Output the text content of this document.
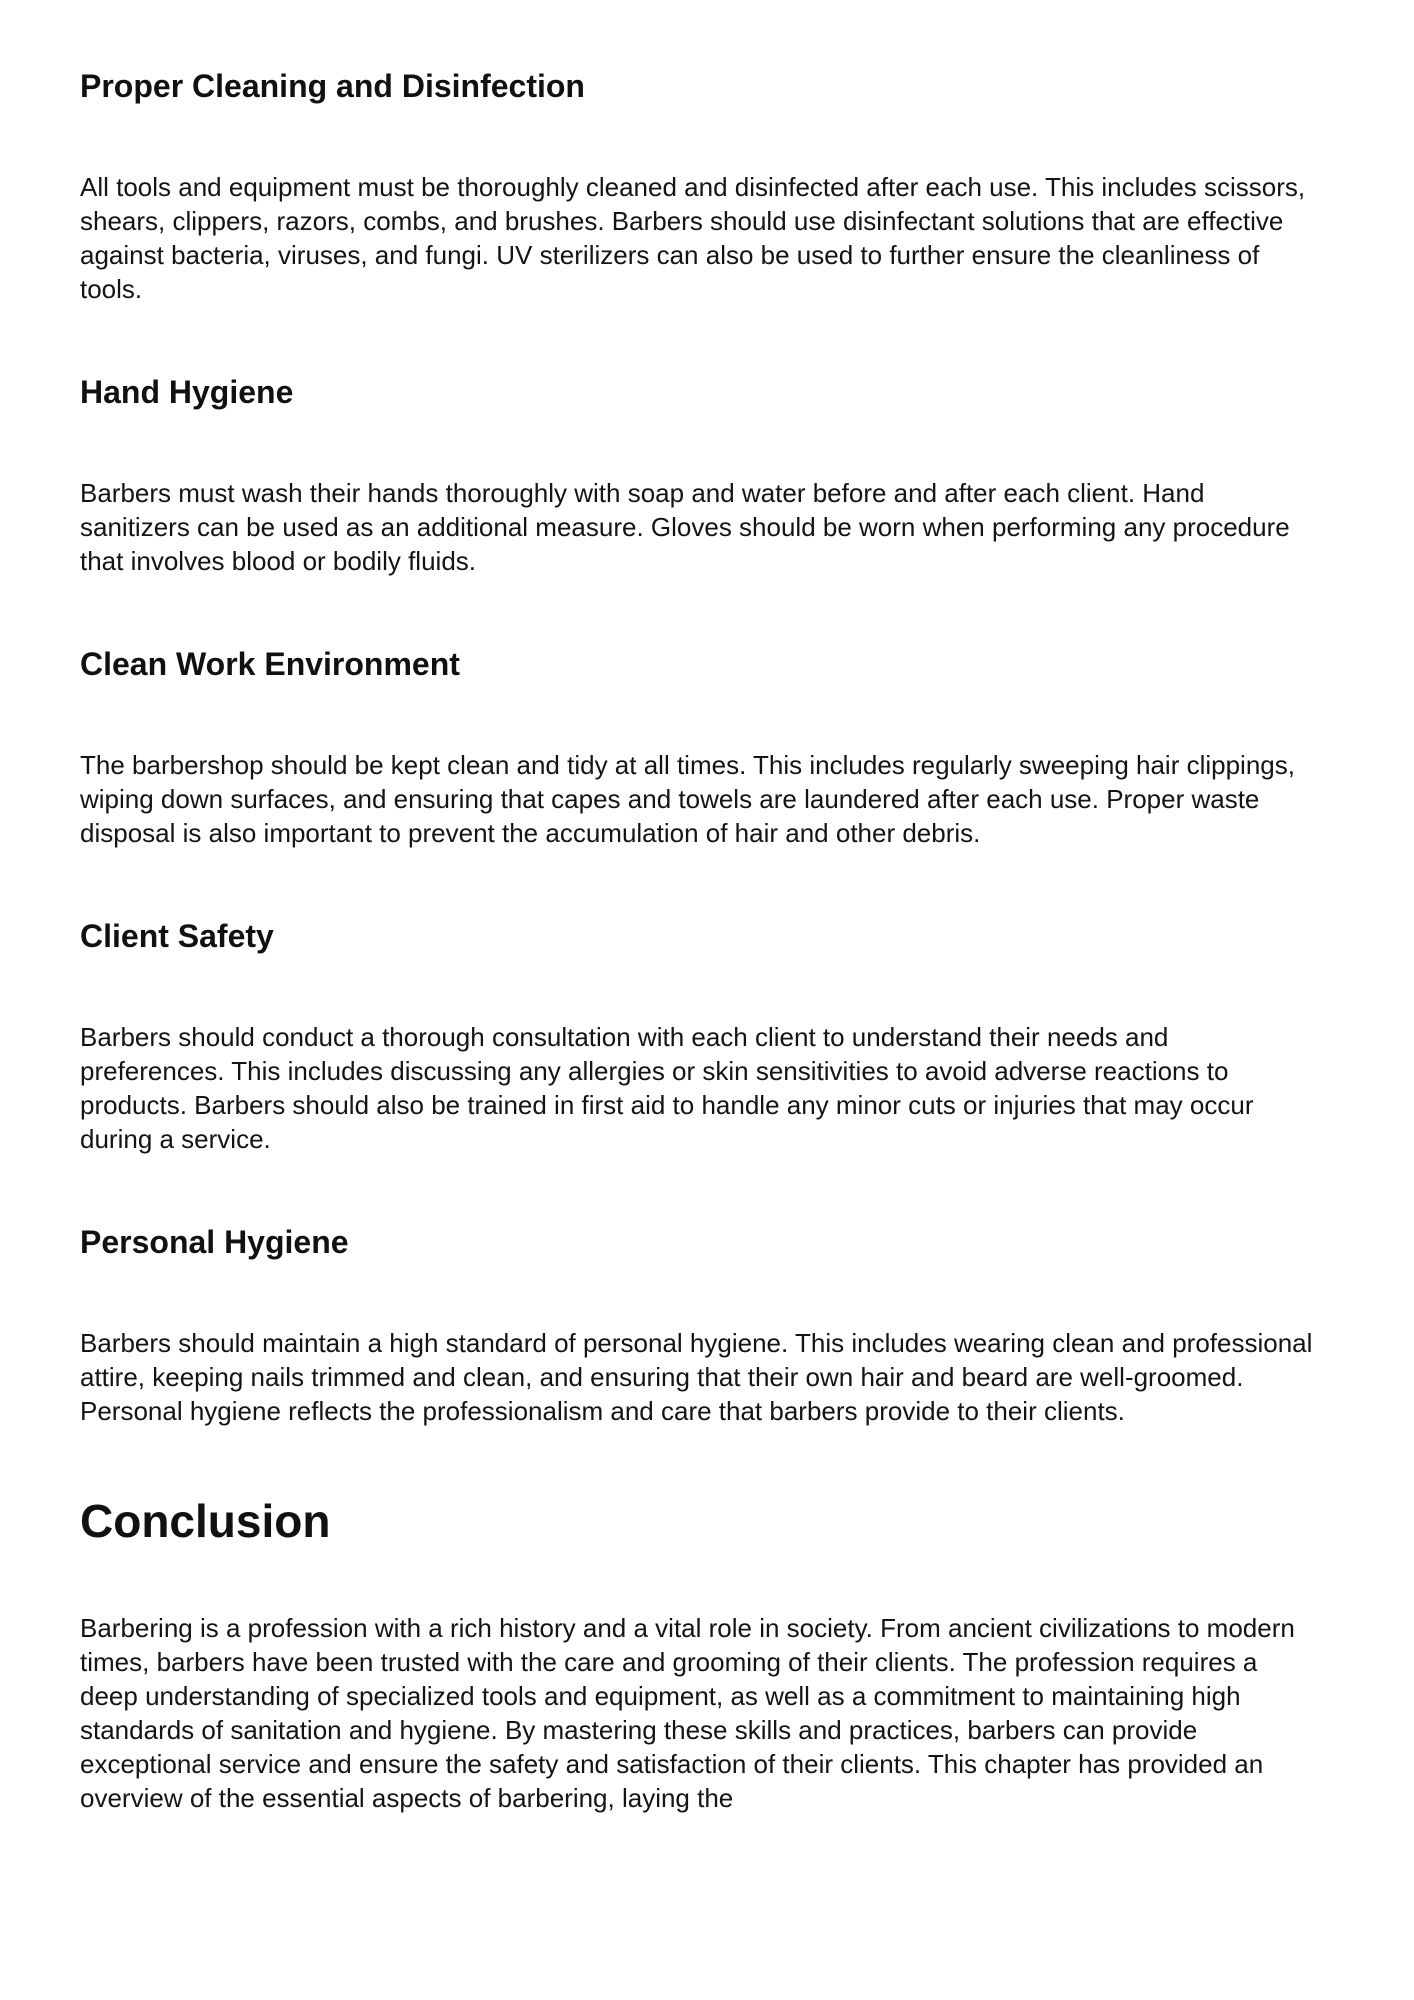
Proper Cleaning and Disinfection

All tools and equipment must be thoroughly cleaned and disinfected after each use. This includes scissors, shears, clippers, razors, combs, and brushes. Barbers should use disinfectant solutions that are effective against bacteria, viruses, and fungi. UV sterilizers can also be used to further ensure the cleanliness of tools.

Hand Hygiene

Barbers must wash their hands thoroughly with soap and water before and after each client. Hand sanitizers can be used as an additional measure. Gloves should be worn when performing any procedure that involves blood or bodily fluids.

Clean Work Environment

The barbershop should be kept clean and tidy at all times. This includes regularly sweeping hair clippings, wiping down surfaces, and ensuring that capes and towels are laundered after each use. Proper waste disposal is also important to prevent the accumulation of hair and other debris.

Client Safety

Barbers should conduct a thorough consultation with each client to understand their needs and preferences. This includes discussing any allergies or skin sensitivities to avoid adverse reactions to products. Barbers should also be trained in first aid to handle any minor cuts or injuries that may occur during a service.

Personal Hygiene

Barbers should maintain a high standard of personal hygiene. This includes wearing clean and professional attire, keeping nails trimmed and clean, and ensuring that their own hair and beard are well-groomed. Personal hygiene reflects the professionalism and care that barbers provide to their clients.

Conclusion

Barbering is a profession with a rich history and a vital role in society. From ancient civilizations to modern times, barbers have been trusted with the care and grooming of their clients. The profession requires a deep understanding of specialized tools and equipment, as well as a commitment to maintaining high standards of sanitation and hygiene. By mastering these skills and practices, barbers can provide exceptional service and ensure the safety and satisfaction of their clients. This chapter has provided an overview of the essential aspects of barbering, laying the
